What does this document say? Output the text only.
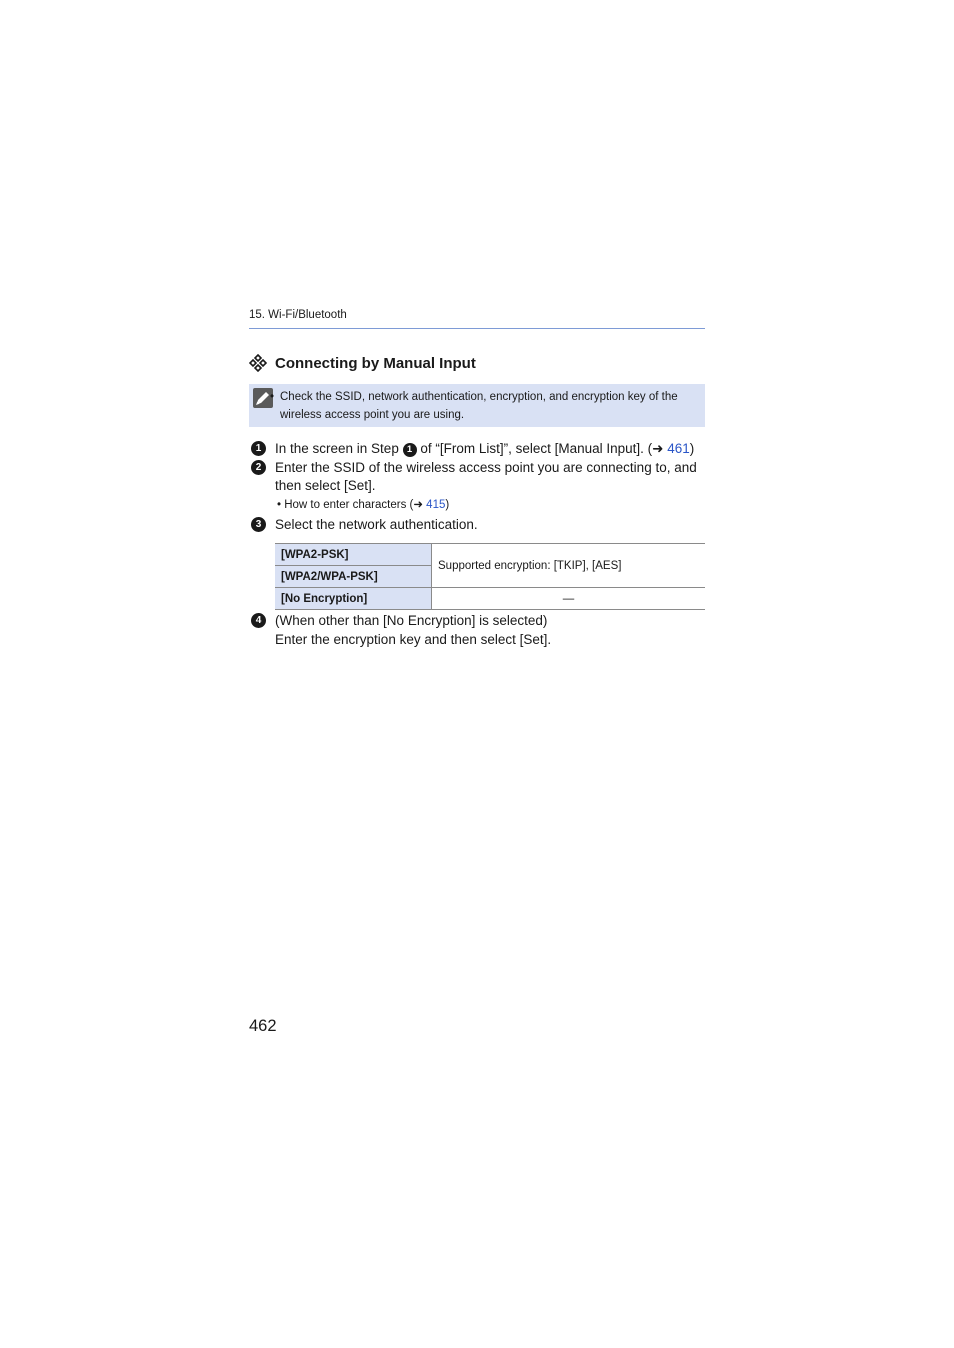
15. Wi-Fi/Bluetooth
Connecting by Manual Input
• Check the SSID, network authentication, encryption, and encryption key of the
wireless access point you are using.
1	In the screen in Step 1 of “[From List]”, select [Manual Input]. (➜ 461)
2	Enter the SSID of the wireless access point you are connecting to, and
then select [Set].
• How to enter characters (➜ 415)
3	Select the network authentication.
[WPA2-PSK]	Supported encryption: [TKIP], [AES]
[WPA2/WPA-PSK]	
[No Encryption]	—
4	(When other than [No Encryption] is selected)
Enter the encryption key and then select [Set].
462
